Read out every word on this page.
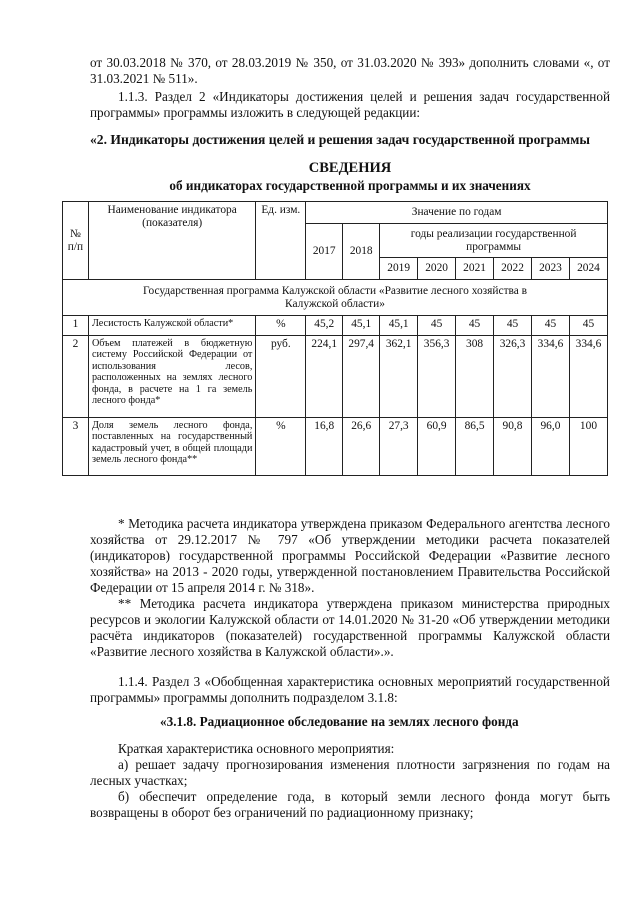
от 30.03.2018 № 370, от 28.03.2019 № 350, от 31.03.2020 № 393» дополнить словами «, от 31.03.2021 № 511».

1.1.3. Раздел 2 «Индикаторы достижения целей и решения задач государственной программы» программы изложить в следующей редакции:

«2. Индикаторы достижения целей и решения задач государственной программы

СВЕДЕНИЯ

об индикаторах государственной программы и их значениях

№ п/п	Наименование индикатора (показателя)	Ед. изм.	Значение по годам							
			2017	2018	годы реализации государственной программы					
					2019	2020	2021	2022	2023	2024
Государственная программа Калужской области «Развитие лесного хозяйства в Калужской области»										
1	Лесистость Калужской области*	%	45,2	45,1	45,1	45	45	45	45	45
2	Объем платежей в бюджетную систему Российской Федерации от использования лесов, расположенных на землях лесного фонда, в расчете на 1 га земель лесного фонда*	руб.	224,1	297,4	362,1	356,3	308	326,3	334,6	334,6
3	Доля земель лесного фонда, поставленных на государственный кадастровый учет, в общей площади земель лесного фонда**	%	16,8	26,6	27,3	60,9	86,5	90,8	96,0	100

* Методика расчета индикатора утверждена приказом Федерального агентства лесного хозяйства от 29.12.2017 № 797 «Об утверждении методики расчета показателей (индикаторов) государственной программы Российской Федерации «Развитие лесного хозяйства» на 2013 - 2020 годы, утвержденной постановлением Правительства Российской Федерации от 15 апреля 2014 г. № 318».

** Методика расчета индикатора утверждена приказом министерства природных ресурсов и экологии Калужской области от 14.01.2020 № 31-20 «Об утверждении методики расчёта индикаторов (показателей) государственной программы Калужской области «Развитие лесного хозяйства в Калужской области».».

1.1.4. Раздел 3 «Обобщенная характеристика основных мероприятий государственной программы» программы дополнить подразделом 3.1.8:

«3.1.8. Радиационное обследование на землях лесного фонда

Краткая характеристика основного мероприятия:

а) решает задачу прогнозирования изменения плотности загрязнения по годам на лесных участках;

б) обеспечит определение года, в который земли лесного фонда могут быть возвращены в оборот без ограничений по радиационному признаку;
